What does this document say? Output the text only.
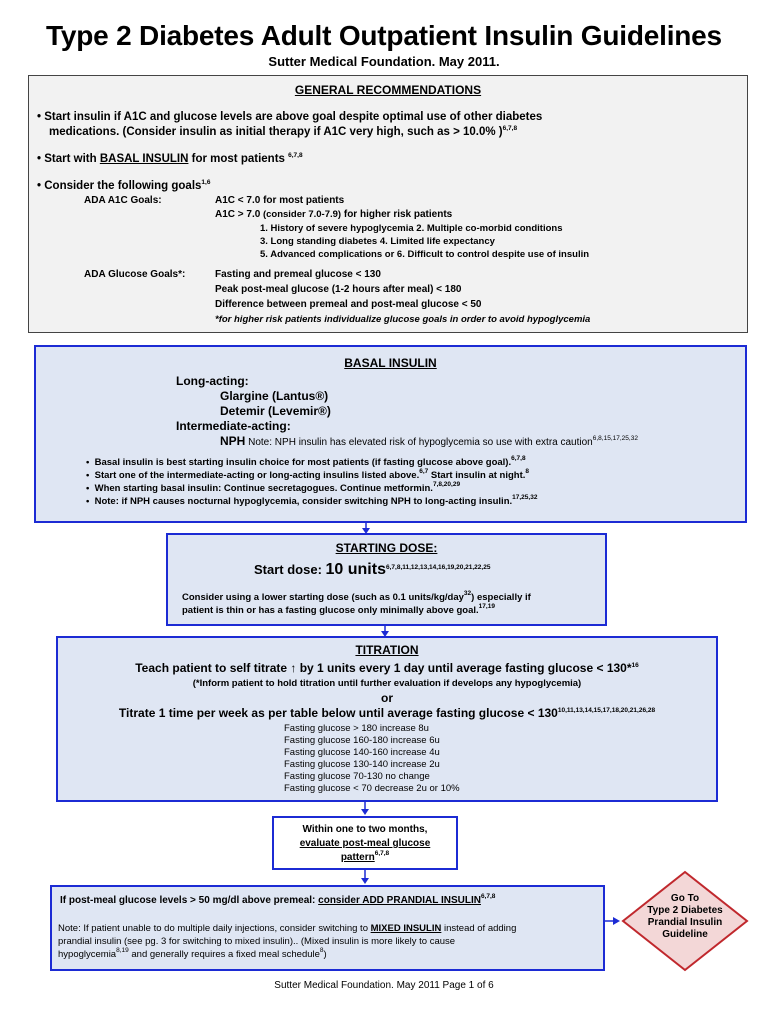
Type 2 Diabetes Adult Outpatient Insulin Guidelines
Sutter Medical Foundation. May 2011.
GENERAL RECOMMENDATIONS
• Start insulin if A1C and glucose levels are above goal despite optimal use of other diabetes
medications. (Consider insulin as initial therapy if A1C very high, such as > 10.0% )$^{6,7,8}$
• Start with BASAL INSULIN for most patients $^{6,7,8}$
• Consider the following goals$^{1,6}$
ADA A1C Goals:	A1C < 7.0 for most patients
A1C > 7.0 (consider 7.0-7.9) for higher risk patients
1. History of severe hypoglycemia 2. Multiple co-morbid conditions
3. Long standing diabetes 4. Limited life expectancy
5. Advanced complications or 6. Difficult to control despite use of insulin
ADA Glucose Goals*:	Fasting and premeal glucose < 130
Peak post-meal glucose (1-2 hours after meal) < 180
Difference between premeal and post-meal glucose < 50
*for higher risk patients individualize glucose goals in order to avoid hypoglycemia
BASAL INSULIN
Long-acting:
Glargine (Lantus®)
Detemir (Levemir®)
Intermediate-acting:
NPH Note: NPH insulin has elevated risk of hypoglycemia so use with extra caution$^{6,8,15,17,25,32}$
•  Basal insulin is best starting insulin choice for most patients (if fasting glucose above goal).$^{6,7,8}$
•  Start one of the intermediate-acting or long-acting insulins listed above.$^{6,7}$ Start insulin at night.$^8$
•  When starting basal insulin: Continue secretagogues. Continue metformin.$^{7,8,20,29}$
•  Note: if NPH causes nocturnal hypoglycemia, consider switching NPH to long-acting insulin.$^{17,25,32}$
STARTING DOSE:
Start dose: 10 units$^{6,7,8,11,12,13,14,16,19,20,21,22,25}$
Consider using a lower starting dose (such as 0.1 units/kg/day$^{32}$) especially if
patient is thin or has a fasting glucose only minimally above goal.$^{17,19}$
TITRATION
Teach patient to self titrate ↑ by 1 units every 1 day until average fasting glucose < 130*$^{16}$
(*Inform patient to hold titration until further evaluation if develops any hypoglycemia)
or
Titrate 1 time per week as per table below until average fasting $glucose < 130^{10,11,13,14,15,17,18,20,21,26,28}$
Fasting glucose > 180 increase 8u
Fasting glucose 160-180 increase 6u
Fasting glucose 140-160 increase 4u
Fasting glucose 130-140 increase 2u
Fasting glucose 70-130 no change
Fasting glucose < 70 decrease 2u or 10%
Within one to two months,
evaluate post-meal glucose
pattern$^{6,7,8}$
If post-meal glucose levels > 50 mg/dl above premeal: consider ADD PRANDIAL INSULIN$^{6,7,8}$
Note: If patient unable to do multiple daily injections, consider switching to MIXED INSULIN instead of adding
prandial insulin (see pg. 3 for switching to mixed insulin).. (Mixed insulin is more likely to cause
hypoglycemia$^{8,19}$ and generally requires a fixed meal schedule$^8$)
Go To
Type 2 Diabetes
Prandial Insulin
Guideline
Sutter Medical Foundation. May 2011 Page 1 of 6
